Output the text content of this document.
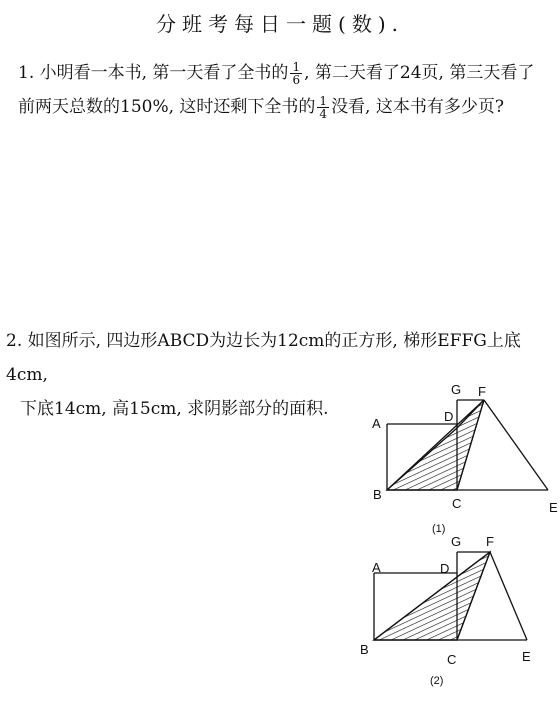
分班考每日一题(数).
1. 小明看一本书, 第一天看了全书的 $\frac{1}{6}$ , 第二天看了24页, 第三天看了前两天总数的150%, 这时还剩下全书的 $\frac{1}{4}$ 没看, 这本书有多少页?
2. 如图所示, 四边形ABCD为边长为12cm的正方形, 梯形EFFG上底4cm,
下底14cm, 高15cm, 求阴影部分的面积.
A
B
C
D
E
F
G
(1)
A
B
C
D
E
F
G
(2)
